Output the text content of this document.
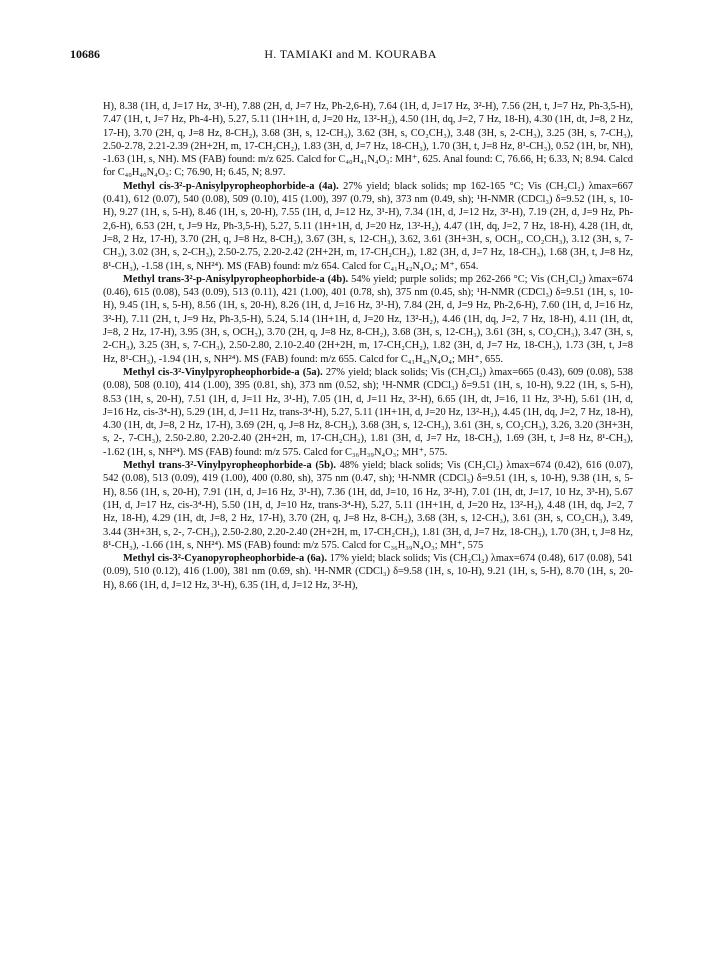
10686	H. TAMIAKI and M. KOURABA

H), 8.38 (1H, d, J=17 Hz, 3¹-H), 7.88 (2H, d, J=7 Hz, Ph-2,6-H), 7.64 (1H, d, J=17 Hz, 3²-H), 7.56 (2H, t, J=7 Hz, Ph-3,5-H), 7.47 (1H, t, J=7 Hz, Ph-4-H), 5.27, 5.11 (1H+1H, d, J=20 Hz, 13²-H₂), 4.50 (1H, dq, J=2, 7 Hz, 18-H), 4.30 (1H, dt, J=8, 2 Hz, 17-H), 3.70 (2H, q, J=8 Hz, 8-CH₂), 3.68 (3H, s, 12-CH₃), 3.62 (3H, s, CO₂CH₃), 3.48 (3H, s, 2-CH₃), 3.25 (3H, s, 7-CH₃), 2.50-2.78, 2.21-2.39 (2H+2H, m, 17-CH₂CH₂), 1.83 (3H, d, J=7 Hz, 18-CH₃), 1.70 (3H, t, J=8 Hz, 8¹-CH₃), 0.52 (1H, br, NH), -1.63 (1H, s, NH). MS (FAB) found: m/z 625. Calcd for C₄₀H₄₁N₄O₃: MH⁺, 625. Anal found: C, 76.66, H; 6.33, N; 8.94. Calcd for C₄₀H₄₀N₄O₃: C; 76.90, H; 6.45, N; 8.97.

Methyl cis-3²-p-Anisylpyropheophorbide-a (4a). 27% yield; black solids; mp 162-165 °C; Vis (CH₂Cl₂) λmax=667 (0.41), 612 (0.07), 540 (0.08), 509 (0.10), 415 (1.00), 397 (0.79, sh), 373 nm (0.49, sh); ¹H-NMR (CDCl₃) δ=9.52 (1H, s, 10-H), 9.27 (1H, s, 5-H), 8.46 (1H, s, 20-H), 7.55 (1H, d, J=12 Hz, 3¹-H), 7.34 (1H, d, J=12 Hz, 3²-H), 7.19 (2H, d, J=9 Hz, Ph-2,6-H), 6.53 (2H, t, J=9 Hz, Ph-3,5-H), 5.27, 5.11 (1H+1H, d, J=20 Hz, 13²-H₂), 4.47 (1H, dq, J=2, 7 Hz, 18-H), 4.28 (1H, dt, J=8, 2 Hz, 17-H), 3.70 (2H, q, J=8 Hz, 8-CH₂), 3.67 (3H, s, 12-CH₃), 3.62, 3.61 (3H+3H, s, OCH₃, CO₂CH₃), 3.12 (3H, s, 7-CH₃), 3.02 (3H, s, 2-CH₃), 2.50-2.75, 2.20-2.42 (2H+2H, m, 17-CH₂CH₂), 1.82 (3H, d, J=7 Hz, 18-CH₃), 1.68 (3H, t, J=8 Hz, 8¹-CH₃), -1.58 (1H, s, NH²⁴). MS (FAB) found: m/z 654. Calcd for C₄₁H₄₂N₄O₄; M⁺, 654.

Methyl trans-3²-p-Anisylpyropheophorbide-a (4b). 54% yield; purple solids; mp 262-266 °C; Vis (CH₂Cl₂) λmax=674 (0.46), 615 (0.08), 543 (0.09), 513 (0.11), 421 (1.00), 401 (0.78, sh), 375 nm (0.45, sh); ¹H-NMR (CDCl₃) δ=9.51 (1H, s, 10-H), 9.45 (1H, s, 5-H), 8.56 (1H, s, 20-H), 8.26 (1H, d, J=16 Hz, 3¹-H), 7.84 (2H, d, J=9 Hz, Ph-2,6-H), 7.60 (1H, d, J=16 Hz, 3²-H), 7.11 (2H, t, J=9 Hz, Ph-3,5-H), 5.24, 5.14 (1H+1H, d, J=20 Hz, 13²-H₂), 4.46 (1H, dq, J=2, 7 Hz, 18-H), 4.11 (1H, dt, J=8, 2 Hz, 17-H), 3.95 (3H, s, OCH₃), 3.70 (2H, q, J=8 Hz, 8-CH₂), 3.68 (3H, s, 12-CH₃), 3.61 (3H, s, CO₂CH₃), 3.47 (3H, s, 2-CH₃), 3.25 (3H, s, 7-CH₃), 2.50-2.80, 2.10-2.40 (2H+2H, m, 17-CH₂CH₂), 1.82 (3H, d, J=7 Hz, 18-CH₃), 1.73 (3H, t, J=8 Hz, 8¹-CH₃), -1.94 (1H, s, NH²⁴). MS (FAB) found: m/z 655. Calcd for C₄₁H₄₃N₄O₄; MH⁺, 655.

Methyl cis-3²-Vinylpyropheophorbide-a (5a). 27% yield; black solids; Vis (CH₂Cl₂) λmax=665 (0.43), 609 (0.08), 538 (0.08), 508 (0.10), 414 (1.00), 395 (0.81, sh), 373 nm (0.52, sh); ¹H-NMR (CDCl₃) δ=9.51 (1H, s, 10-H), 9.22 (1H, s, 5-H), 8.53 (1H, s, 20-H), 7.51 (1H, d, J=11 Hz, 3¹-H), 7.05 (1H, d, J=11 Hz, 3²-H), 6.65 (1H, dt, J=16, 11 Hz, 3³-H), 5.61 (1H, d, J=16 Hz, cis-3⁴-H), 5.29 (1H, d, J=11 Hz, trans-3⁴-H), 5.27, 5.11 (1H+1H, d, J=20 Hz, 13²-H₂), 4.45 (1H, dq, J=2, 7 Hz, 18-H), 4.30 (1H, dt, J=8, 2 Hz, 17-H), 3.69 (2H, q, J=8 Hz, 8-CH₂), 3.68 (3H, s, 12-CH₃), 3.61 (3H, s, CO₂CH₃), 3.26, 3.20 (3H+3H, s, 2-, 7-CH₃), 2.50-2.80, 2.20-2.40 (2H+2H, m, 17-CH₂CH₂), 1.81 (3H, d, J=7 Hz, 18-CH₃), 1.69 (3H, t, J=8 Hz, 8¹-CH₃), -1.62 (1H, s, NH²⁴). MS (FAB) found: m/z 575. Calcd for C₃₆H₃₉N₄O₃; MH⁺, 575.

Methyl trans-3²-Vinylpyropheophorbide-a (5b). 48% yield; black solids; Vis (CH₂Cl₂) λmax=674 (0.42), 616 (0.07), 542 (0.08), 513 (0.09), 419 (1.00), 400 (0.80, sh), 375 nm (0.47, sh); ¹H-NMR (CDCl₃) δ=9.51 (1H, s, 10-H), 9.38 (1H, s, 5-H), 8.56 (1H, s, 20-H), 7.91 (1H, d, J=16 Hz, 3¹-H), 7.36 (1H, dd, J=10, 16 Hz, 3²-H), 7.01 (1H, dt, J=17, 10 Hz, 3³-H), 5.67 (1H, d, J=17 Hz, cis-3⁴-H), 5.50 (1H, d, J=10 Hz, trans-3⁴-H), 5.27, 5.11 (1H+1H, d, J=20 Hz, 13²-H₂), 4.48 (1H, dq, J=2, 7 Hz, 18-H), 4.29 (1H, dt, J=8, 2 Hz, 17-H), 3.70 (2H, q, J=8 Hz, 8-CH₂), 3.68 (3H, s, 12-CH₃), 3.61 (3H, s, CO₂CH₃), 3.49, 3.44 (3H+3H, s, 2-, 7-CH₃), 2.50-2.80, 2.20-2.40 (2H+2H, m, 17-CH₂CH₂), 1.81 (3H, d, J=7 Hz, 18-CH₃), 1.70 (3H, t, J=8 Hz, 8¹-CH₃), -1.66 (1H, s, NH²⁴). MS (FAB) found: m/z 575. Calcd for C₃₆H₃₉N₄O₃; MH⁺, 575

Methyl cis-3²-Cyanopyropheophorbide-a (6a). 17% yield; black solids; Vis (CH₂Cl₂) λmax=674 (0.48), 617 (0.08), 541 (0.09), 510 (0.12), 416 (1.00), 381 nm (0.69, sh). ¹H-NMR (CDCl₃) δ=9.58 (1H, s, 10-H), 9.21 (1H, s, 5-H), 8.70 (1H, s, 20-H), 8.66 (1H, d, J=12 Hz, 3¹-H), 6.35 (1H, d, J=12 Hz, 3²-H),
